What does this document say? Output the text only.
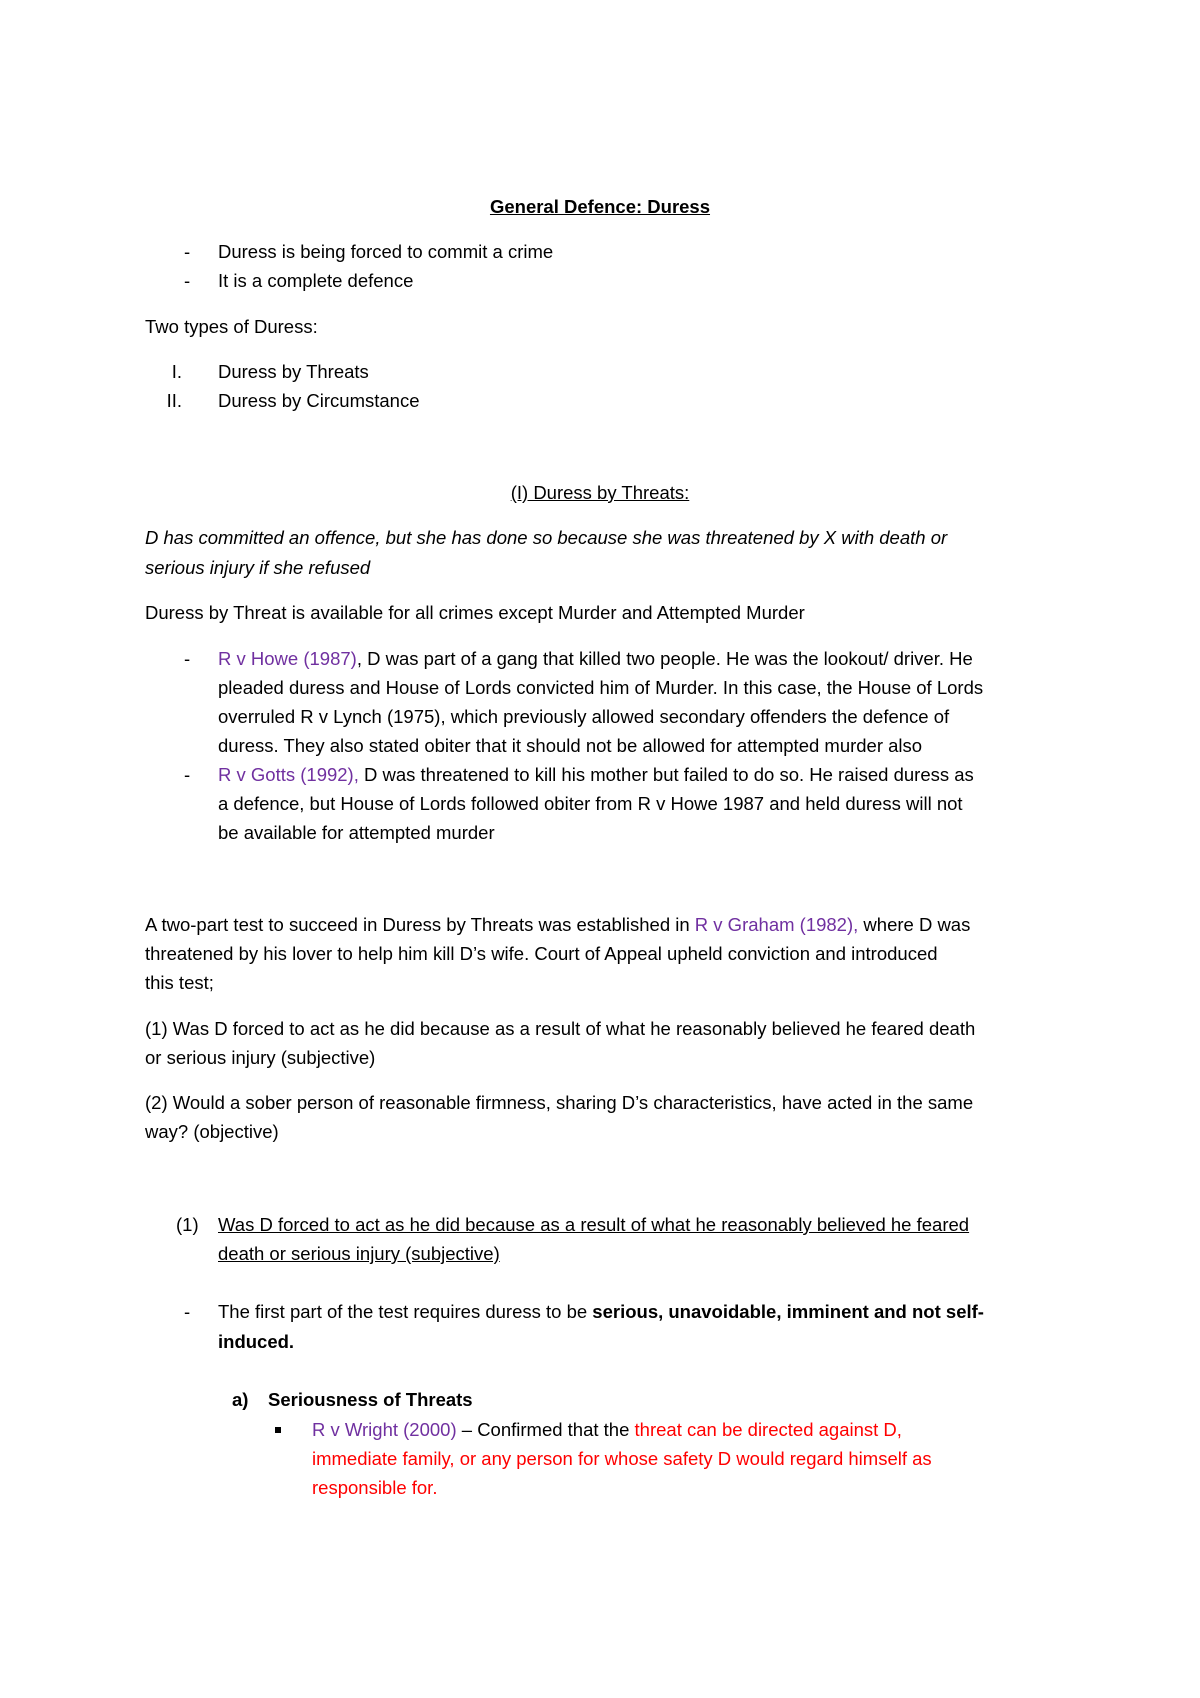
General Defence: Duress
- Duress is being forced to commit a crime
- It is a complete defence
Two types of Duress:
I. Duress by Threats
II. Duress by Circumstance
(I) Duress by Threats:
D has committed an offence, but she has done so because she was threatened by X with death or
serious injury if she refused
Duress by Threat is available for all crimes except Murder and Attempted Murder
- R v Howe (1987), D was part of a gang that killed two people. He was the lookout/ driver. He
pleaded duress and House of Lords convicted him of Murder. In this case, the House of Lords
overruled R v Lynch (1975), which previously allowed secondary offenders the defence of
duress. They also stated obiter that it should not be allowed for attempted murder also
- R v Gotts (1992), D was threatened to kill his mother but failed to do so. He raised duress as
a defence, but House of Lords followed obiter from R v Howe 1987 and held duress will not
be available for attempted murder
A two-part test to succeed in Duress by Threats was established in R v Graham (1982), where D was
threatened by his lover to help him kill D’s wife. Court of Appeal upheld conviction and introduced
this test;
(1) Was D forced to act as he did because as a result of what he reasonably believed he feared death
or serious injury (subjective)
(2) Would a sober person of reasonable firmness, sharing D’s characteristics, have acted in the same
way? (objective)
(1) Was D forced to act as he did because as a result of what he reasonably believed he feared
death or serious injury (subjective)
- The first part of the test requires duress to be serious, unavoidable, imminent and not self-
induced.
a) Seriousness of Threats
R v Wright (2000) – Confirmed that the threat can be directed against D,
immediate family, or any person for whose safety D would regard himself as
responsible for.
